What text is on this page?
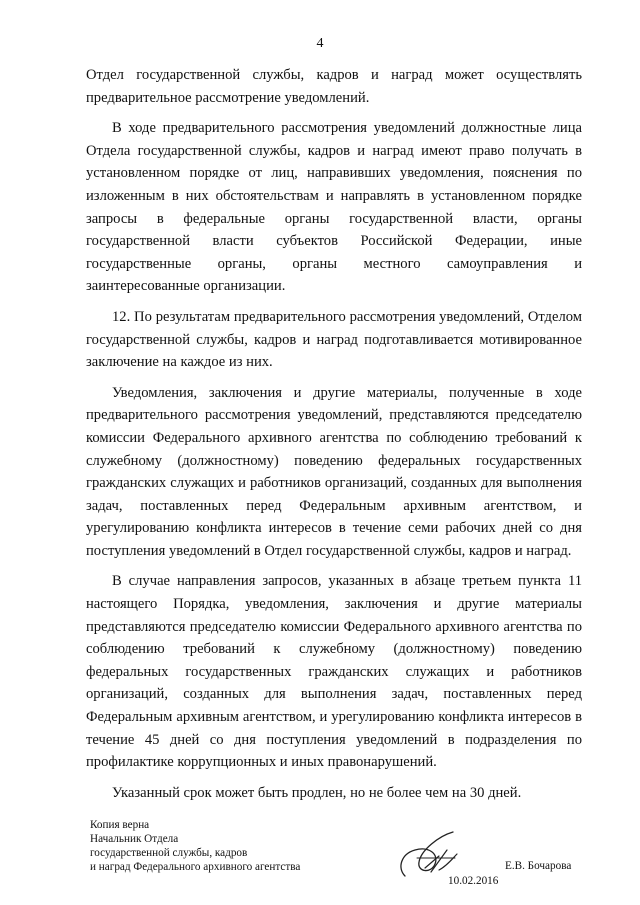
4

Отдел государственной службы, кадров и наград может осуществлять предварительное рассмотрение уведомлений.

В ходе предварительного рассмотрения уведомлений должностные лица Отдела государственной службы, кадров и наград имеют право получать в установленном порядке от лиц, направивших уведомления, пояснения по изложенным в них обстоятельствам и направлять в установленном порядке запросы в федеральные органы государственной власти, органы государственной власти субъектов Российской Федерации, иные государственные органы, органы местного самоуправления и заинтересованные организации.

12. По результатам предварительного рассмотрения уведомлений, Отделом государственной службы, кадров и наград подготавливается мотивированное заключение на каждое из них.

Уведомления, заключения и другие материалы, полученные в ходе предварительного рассмотрения уведомлений, представляются председателю комиссии Федерального архивного агентства по соблюдению требований к служебному (должностному) поведению федеральных государственных гражданских служащих и работников организаций, созданных для выполнения задач, поставленных перед Федеральным архивным агентством, и урегулированию конфликта интересов в течение семи рабочих дней со дня поступления уведомлений в Отдел государственной службы, кадров и наград.

В случае направления запросов, указанных в абзаце третьем пункта 11 настоящего Порядка, уведомления, заключения и другие материалы представляются председателю комиссии Федерального архивного агентства по соблюдению требований к служебному (должностному) поведению федеральных государственных гражданских служащих и работников организаций, созданных для выполнения задач, поставленных перед Федеральным архивным агентством, и урегулированию конфликта интересов в течение 45 дней со дня поступления уведомлений в подразделения по профилактике коррупционных и иных правонарушений.

Указанный срок может быть продлен, но не более чем на 30 дней.

Копия верна
Начальник Отдела
государственной службы, кадров
и наград Федерального архивного агентства	Е.В. Бочарова
10.02.2016
